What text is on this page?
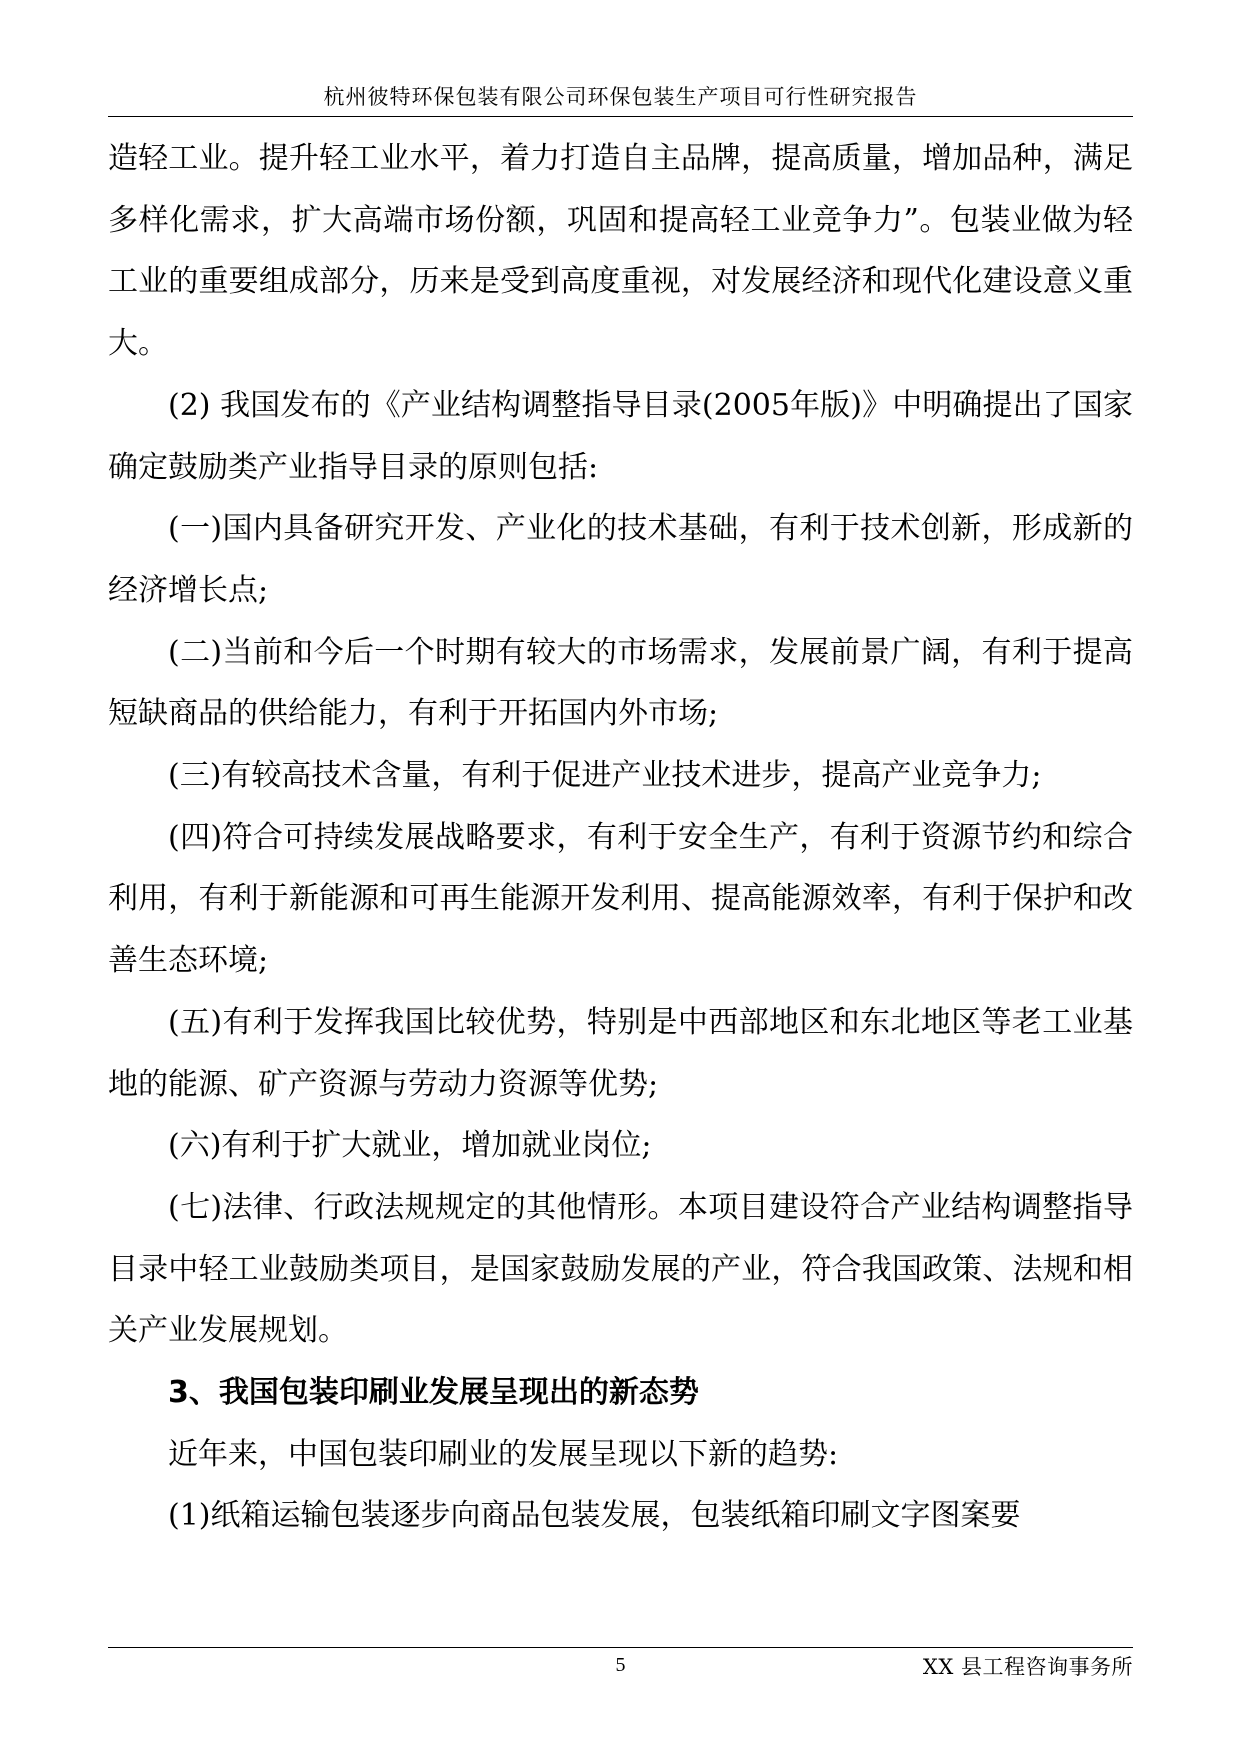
杭州彼特环保包装有限公司环保包装生产项目可行性研究报告

造轻工业。提升轻工业水平，着力打造自主品牌，提高质量，增加品种，满足多样化需求，扩大高端市场份额，巩固和提高轻工业竞争力”。包装业做为轻工业的重要组成部分，历来是受到高度重视，对发展经济和现代化建设意义重大。

(2) 我国发布的《产业结构调整指导目录(2005年版)》中明确提出了国家确定鼓励类产业指导目录的原则包括:

(一)国内具备研究开发、产业化的技术基础，有利于技术创新，形成新的经济增长点;

(二)当前和今后一个时期有较大的市场需求，发展前景广阔，有利于提高短缺商品的供给能力，有利于开拓国内外市场;

(三)有较高技术含量，有利于促进产业技术进步，提高产业竞争力;

(四)符合可持续发展战略要求，有利于安全生产，有利于资源节约和综合利用，有利于新能源和可再生能源开发利用、提高能源效率，有利于保护和改善生态环境;

(五)有利于发挥我国比较优势，特别是中西部地区和东北地区等老工业基地的能源、矿产资源与劳动力资源等优势;

(六)有利于扩大就业，增加就业岗位;

(七)法律、行政法规规定的其他情形。本项目建设符合产业结构调整指导目录中轻工业鼓励类项目，是国家鼓励发展的产业，符合我国政策、法规和相关产业发展规划。

3、我国包装印刷业发展呈现出的新态势

近年来，中国包装印刷业的发展呈现以下新的趋势:

(1)纸箱运输包装逐步向商品包装发展，包装纸箱印刷文字图案要

5	XX 县工程咨询事务所
